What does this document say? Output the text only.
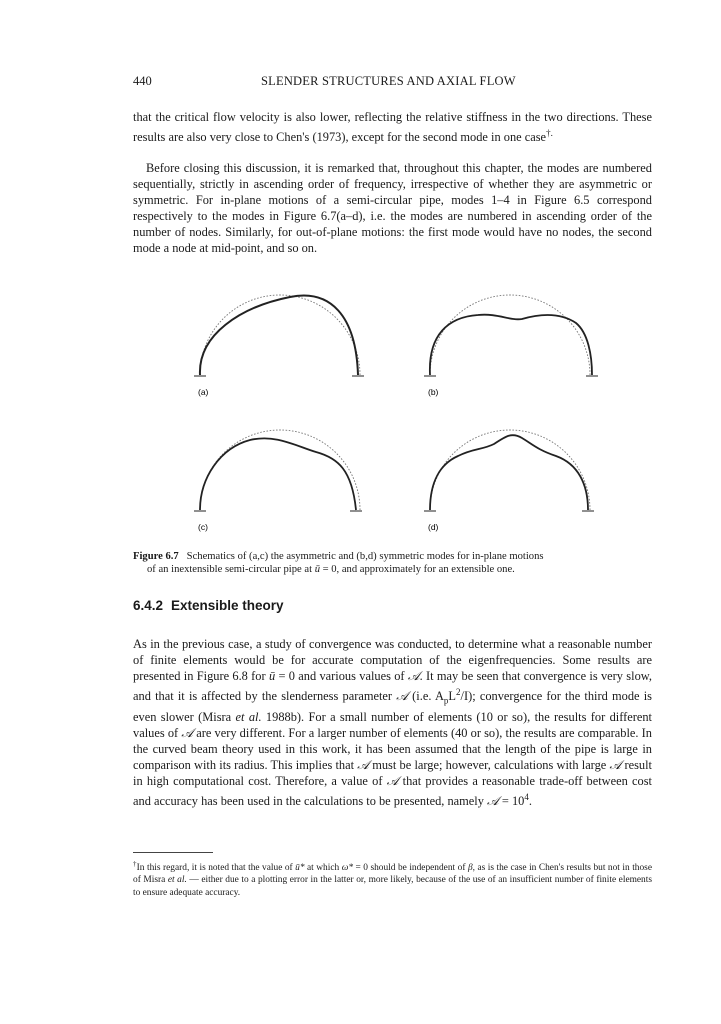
440	SLENDER STRUCTURES AND AXIAL FLOW

that the critical flow velocity is also lower, reflecting the relative stiffness in the two directions. These results are also very close to Chen's (1973), except for the second mode in one case†.

Before closing this discussion, it is remarked that, throughout this chapter, the modes are numbered sequentially, strictly in ascending order of frequency, irrespective of whether they are asymmetric or symmetric. For in-plane motions of a semi-circular pipe, modes 1–4 in Figure 6.5 correspond respectively to the modes in Figure 6.7(a–d), i.e. the modes are numbered in ascending order of the number of nodes. Similarly, for out-of-plane motions: the first mode would have no nodes, the second mode a node at mid-point, and so on.

(a)	(b)
(c)	(d)
Figure 6.7 Schematics of (a,c) the asymmetric and (b,d) symmetric modes for in-plane motions
of an inextensible semi-circular pipe at ū = 0, and approximately for an extensible one.
6.4.2 Extensible theory

As in the previous case, a study of convergence was conducted, to determine what a reasonable number of finite elements would be for accurate computation of the eigenfrequencies. Some results are presented in Figure 6.8 for ū = 0 and various values of 𝒜. It may be seen that convergence is very slow, and that it is affected by the slenderness parameter 𝒜 (i.e. $A_pL^2/I$); convergence for the third mode is even slower (Misra et al. 1988b). For a small number of elements (10 or so), the results for different values of 𝒜 are very different. For a larger number of elements (40 or so), the results are comparable. In the curved beam theory used in this work, it has been assumed that the length of the pipe is large in comparison with its radius. This implies that 𝒜 must be large; however, calculations with large 𝒜 result in high computational cost. Therefore, a value of 𝒜 that provides a reasonable trade-off between cost and accuracy has been used in the calculations to be presented, namely 𝒜 = $10^4$.

†In this regard, it is noted that the value of ū* at which ω* = 0 should be independent of β, as is the case in Chen's results but not in those of Misra et al. — either due to a plotting error in the latter or, more likely, because of the use of an insufficient number of finite elements to ensure adequate accuracy.
